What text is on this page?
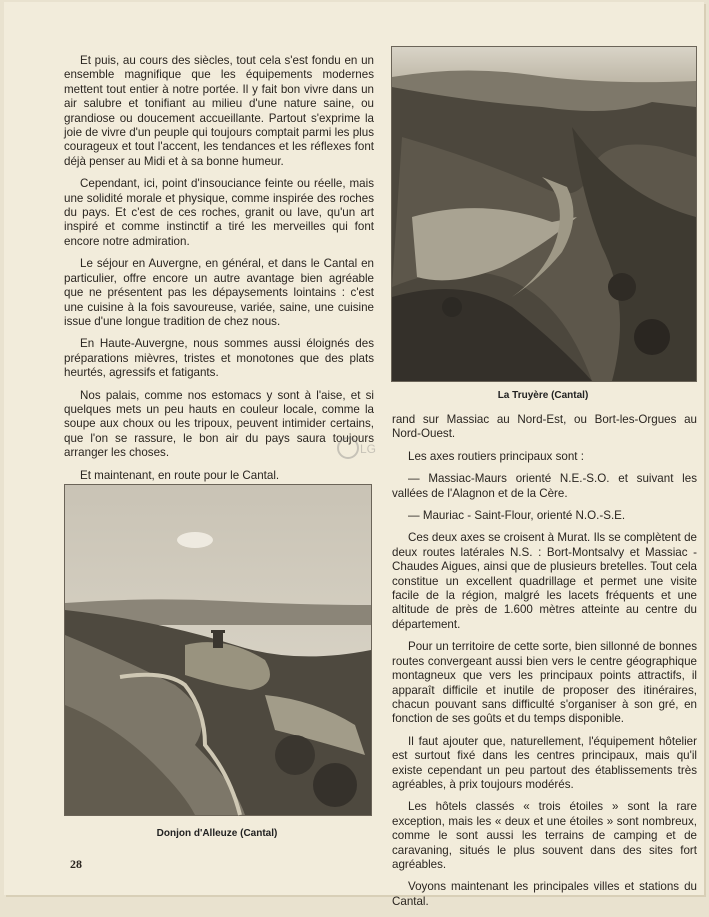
Et puis, au cours des siècles, tout cela s'est fondu en un ensemble magnifique que les équipements modernes mettent tout entier à notre portée. Il y fait bon vivre dans un air salubre et tonifiant au milieu d'une nature saine, ou grandiose ou doucement accueillante. Partout s'exprime la joie de vivre d'un peuple qui toujours comptait parmi les plus courageux et tout l'accent, les tendances et les réflexes font déjà penser au Midi et à sa bonne humeur.

Cependant, ici, point d'insouciance feinte ou réelle, mais une solidité morale et physique, comme inspirée des roches du pays. Et c'est de ces roches, granit ou lave, qu'un art inspiré et comme instinctif a tiré les merveilles qui font encore notre admiration.

Le séjour en Auvergne, en général, et dans le Cantal en particulier, offre encore un autre avantage bien agréable que ne présentent pas les dépaysements lointains : c'est une cuisine à la fois savoureuse, variée, saine, une cuisine issue d'une longue tradition de chez nous.

En Haute-Auvergne, nous sommes aussi éloignés des préparations mièvres, tristes et monotones que des plats heurtés, agressifs et fatigants.

Nos palais, comme nos estomacs y sont à l'aise, et si quelques mets un peu hauts en couleur locale, comme la soupe aux choux ou les tripoux, peuvent intimider certains, que l'on se rassure, le bon air du pays saura toujours arranger les choses.

Et maintenant, en route pour le Cantal.

La Truyère (Cantal)
LG

rand sur Massiac au Nord-Est, ou Bort-les-Orgues au Nord-Ouest.

Les axes routiers principaux sont :

— Massiac-Maurs orienté N.E.-S.O. et suivant les vallées de l'Alagnon et de la Cère.

— Mauriac - Saint-Flour, orienté N.O.-S.E.

Ces deux axes se croisent à Murat. Ils se complètent de deux routes latérales N.S. : Bort-Montsalvy et Massiac - Chaudes Aigues, ainsi que de plusieurs bretelles. Tout cela constitue un excellent quadrillage et permet une visite facile de la région, malgré les lacets fréquents et une altitude de près de 1.600 mètres atteinte au centre du département.

Pour un territoire de cette sorte, bien sillonné de bonnes routes convergeant aussi bien vers le centre géographique montagneux que vers les principaux points attractifs, il apparaît difficile et inutile de proposer des itinéraires, chacun pouvant sans difficulté s'organiser à son gré, en fonction de ses goûts et du temps disponible.

Il faut ajouter que, naturellement, l'équipement hôtelier est surtout fixé dans les centres principaux, mais qu'il existe cependant un peu partout des établissements très agréables, à prix toujours modérés.

Les hôtels classés « trois étoiles » sont la rare exception, mais les « deux et une étoiles » sont nombreux, comme le sont aussi les terrains de camping et de caravaning, situés le plus souvent dans des sites fort agréables.

Voyons maintenant les principales villes et stations du Cantal.

Donjon d'Alleuze (Cantal)
28
